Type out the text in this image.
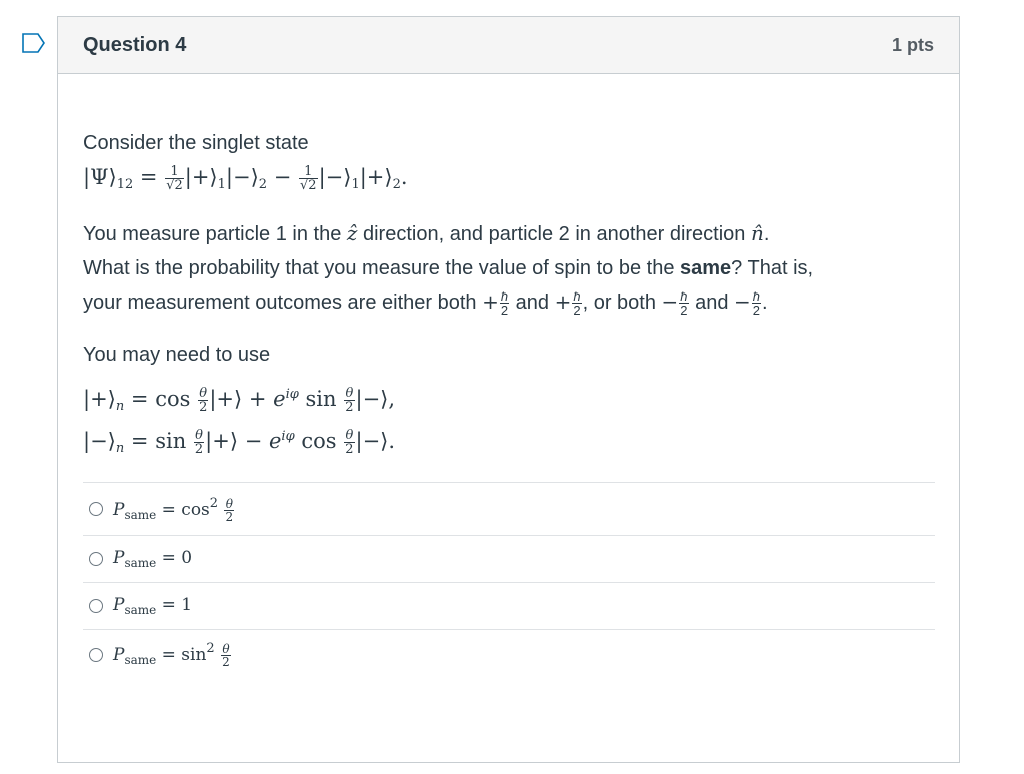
Question 4	1 pts

Consider the singlet state

$|\Psi⟩_{12} = \frac{1}{√2}$ $|+⟩_1|-⟩_2 - \frac{1}{√2}$ $|-⟩_1|+⟩_2$.

You measure particle 1 in the ẑ direction, and particle 2 in another direction n̂.

What is the probability that you measure the value of spin to be the same? That is,

your measurement outcomes are either both + $\frac{ħ}{2}$ and + $\frac{ħ}{2}$ , or both − $\frac{ħ}{2}$ and − $\frac{ħ}{2}$ .

You may need to use

$|+⟩_n = \cos \frac{\theta}{2}$ |+⟩ + $e^{i\varphi}$ $\sin \frac{\theta}{2}$ |−⟩,
$|-⟩_n = \sin \frac{\theta}{2}$ |+⟩ − $e^{i\varphi}$ $\cos \frac{\theta}{2}$ |−⟩.
$P_{same} = \cos^2 \frac{\theta}{2}$
$P_{same} = 0$
$P_{same} = 1$
$P_{same} = \sin^2 \frac{\theta}{2}$
